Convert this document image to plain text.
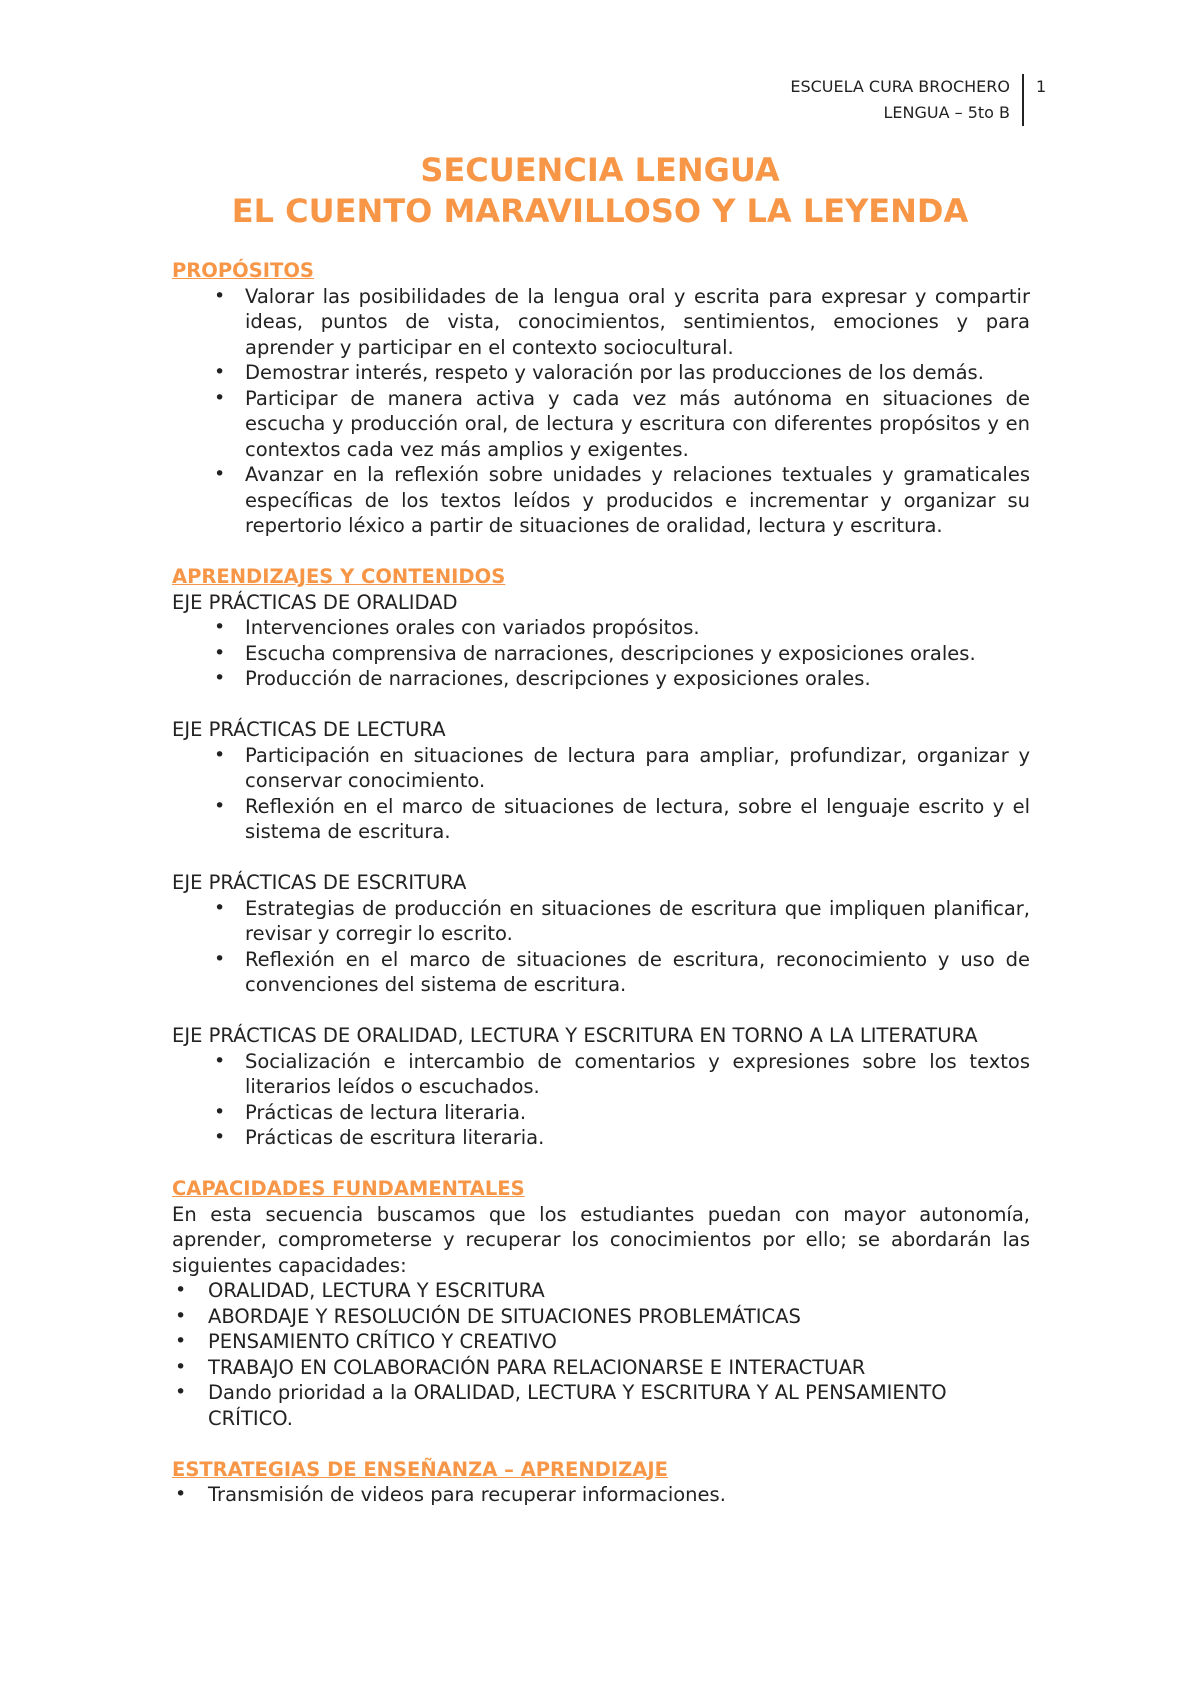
ESCUELA CURA BROCHERO
LENGUA – 5to B
1
SECUENCIA LENGUA
EL CUENTO MARAVILLOSO Y LA LEYENDA

PROPÓSITOS

• Valorar las posibilidades de la lengua oral y escrita para expresar y compartir ideas, puntos de vista, conocimientos, sentimientos, emociones y para aprender y participar en el contexto sociocultural.
• Demostrar interés, respeto y valoración por las producciones de los demás.
• Participar de manera activa y cada vez más autónoma en situaciones de escucha y producción oral, de lectura y escritura con diferentes propósitos y en contextos cada vez más amplios y exigentes.
• Avanzar en la reflexión sobre unidades y relaciones textuales y gramaticales específicas de los textos leídos y producidos e incrementar y organizar su repertorio léxico a partir de situaciones de oralidad, lectura y escritura.

APRENDIZAJES Y CONTENIDOS

EJE PRÁCTICAS DE ORALIDAD

• Intervenciones orales con variados propósitos.
• Escucha comprensiva de narraciones, descripciones y exposiciones orales.
• Producción de narraciones, descripciones y exposiciones orales.

EJE PRÁCTICAS DE LECTURA

• Participación en situaciones de lectura para ampliar, profundizar, organizar y conservar conocimiento.
• Reflexión en el marco de situaciones de lectura, sobre el lenguaje escrito y el sistema de escritura.

EJE PRÁCTICAS DE ESCRITURA

• Estrategias de producción en situaciones de escritura que impliquen planificar, revisar y corregir lo escrito.
• Reflexión en el marco de situaciones de escritura, reconocimiento y uso de convenciones del sistema de escritura.

EJE PRÁCTICAS DE ORALIDAD, LECTURA Y ESCRITURA EN TORNO A LA LITERATURA

• Socialización e intercambio de comentarios y expresiones sobre los textos literarios leídos o escuchados.
• Prácticas de lectura literaria.
• Prácticas de escritura literaria.

CAPACIDADES FUNDAMENTALES

En esta secuencia buscamos que los estudiantes puedan con mayor autonomía, aprender, comprometerse y recuperar los conocimientos por ello; se abordarán las siguientes capacidades:

• ORALIDAD, LECTURA Y ESCRITURA
• ABORDAJE Y RESOLUCIÓN DE SITUACIONES PROBLEMÁTICAS
• PENSAMIENTO CRÍTICO Y CREATIVO
• TRABAJO EN COLABORACIÓN PARA RELACIONARSE E INTERACTUAR
• Dando prioridad a la ORALIDAD, LECTURA Y ESCRITURA Y AL PENSAMIENTO CRÍTICO.

ESTRATEGIAS DE ENSEÑANZA – APRENDIZAJE

• Transmisión de videos para recuperar informaciones.
